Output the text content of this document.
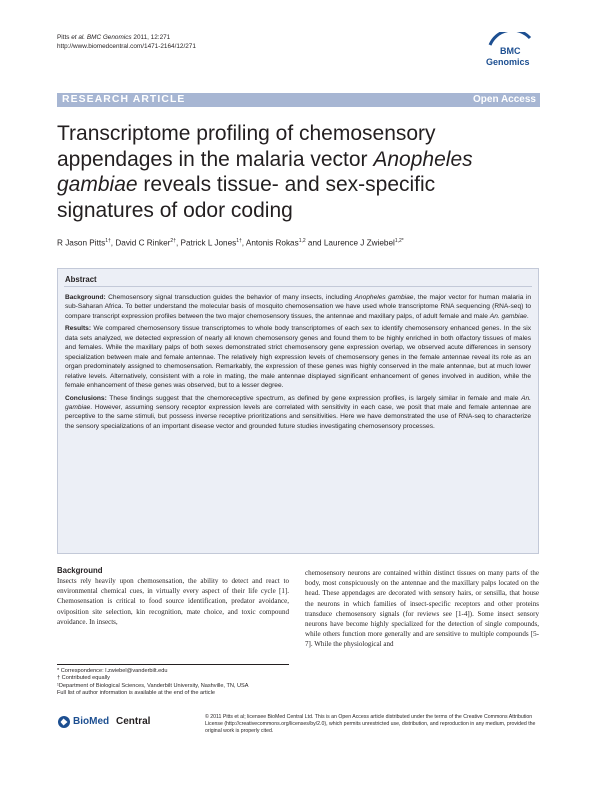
Pitts et al. BMC Genomics 2011, 12:271
http://www.biomedcentral.com/1471-2164/12/271	BMC
Genomics
RESEARCH ARTICLE	Open Access
Transcriptome profiling of chemosensory appendages in the malaria vector Anopheles gambiae reveals tissue- and sex-specific signatures of odor coding
R Jason Pitts$^{1\dagger}$, David C Rinker$^{2\dagger}$, Patrick L Jones$^{1\dagger}$, Antonis Rokas$^{1,2}$ and Laurence J Zwiebel$^{1,2*}$
Abstract

Background: Chemosensory signal transduction guides the behavior of many insects, including Anopheles gambiae, the major vector for human malaria in sub-Saharan Africa. To better understand the molecular basis of mosquito chemosensation we have used whole transcriptome RNA sequencing (RNA-seq) to compare transcript expression profiles between the two major chemosensory tissues, the antennae and maxillary palps, of adult female and male An. gambiae.

Results: We compared chemosensory tissue transcriptomes to whole body transcriptomes of each sex to identify chemosensory enhanced genes. In the six data sets analyzed, we detected expression of nearly all known chemosensory genes and found them to be highly enriched in both olfactory tissues of males and females. While the maxillary palps of both sexes demonstrated strict chemosensory gene expression overlap, we observed acute differences in sensory specialization between male and female antennae. The relatively high expression levels of chemosensory genes in the female antennae reveal its role as an organ predominately assigned to chemosensation. Remarkably, the expression of these genes was highly conserved in the male antennae, but at much lower relative levels. Alternatively, consistent with a role in mating, the male antennae displayed significant enhancement of genes involved in audition, while the female enhancement of these genes was observed, but to a lesser degree.

Conclusions: These findings suggest that the chemoreceptive spectrum, as defined by gene expression profiles, is largely similar in female and male An. gambiae. However, assuming sensory receptor expression levels are correlated with sensitivity in each case, we posit that male and female antennae are perceptive to the same stimuli, but possess inverse receptive prioritizations and sensitivities. Here we have demonstrated the use of RNA-seq to characterize the sensory specializations of an important disease vector and grounded future studies investigating chemosensory processes.

Background

Insects rely heavily upon chemosensation, the ability to detect and react to environmental chemical cues, in virtually every aspect of their life cycle [1]. Chemosensation is critical to food source identification, predator avoidance, oviposition site selection, kin recognition, mate choice, and toxic compound avoidance. In insects,

chemosensory neurons are contained within distinct tissues on many parts of the body, most conspicuously on the antennae and the maxillary palps located on the head. These appendages are decorated with sensory hairs, or sensilla, that house the neurons in which families of insect-specific receptors and other proteins transduce chemosensory signals (for reviews see [1-4]). Some insect sensory neurons have become highly specialized for the detection of single compounds, while others function more generally and are sensitive to multiple compounds [5-7]. While the physiological and

* Correspondence: l.zwiebel@vanderbilt.edu
† Contributed equally
¹Department of Biological Sciences, Vanderbilt University, Nashville, TN, USA
Full list of author information is available at the end of the article
BioMed Central	© 2011 Pitts et al; licensee BioMed Central Ltd. This is an Open Access article distributed under the terms of the Creative Commons Attribution License (http://creativecommons.org/licenses/by/2.0), which permits unrestricted use, distribution, and reproduction in any medium, provided the original work is properly cited.
